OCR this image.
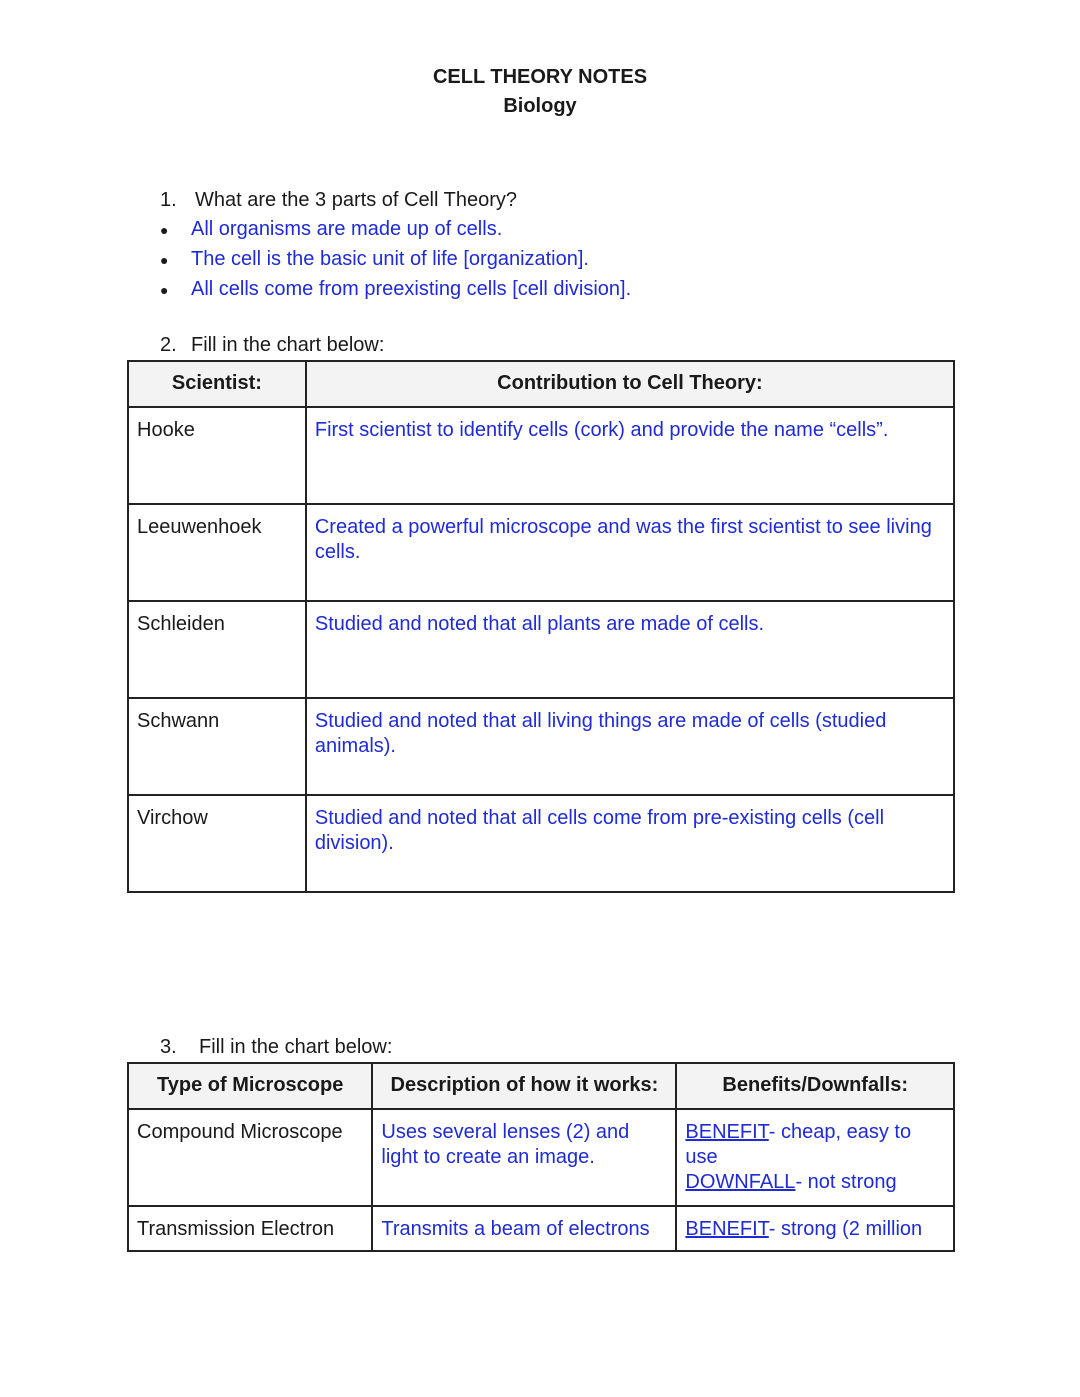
CELL THEORY NOTES
Biology
1. What are the 3 parts of Cell Theory?
●	All organisms are made up of cells.
●	The cell is the basic unit of life [organization].
●	All cells come from preexisting cells [cell division].
2. Fill in the chart below:
Scientist:	Contribution to Cell Theory:
Hooke	First scientist to identify cells (cork) and provide the name “cells”.
Leeuwenhoek	Created a powerful microscope and was the first scientist to see living cells.
Schleiden	Studied and noted that all plants are made of cells.
Schwann	Studied and noted that all living things are made of cells (studied animals).
Virchow	Studied and noted that all cells come from pre-existing cells (cell division).
3. Fill in the chart below:
Type of Microscope	Description of how it works:	Benefits/Downfalls:
Compound Microscope	Uses several lenses (2) and light to create an image.	BENEFIT- cheap, easy to use
DOWNFALL- not strong
Transmission Electron	Transmits a beam of electrons	BENEFIT- strong (2 million
